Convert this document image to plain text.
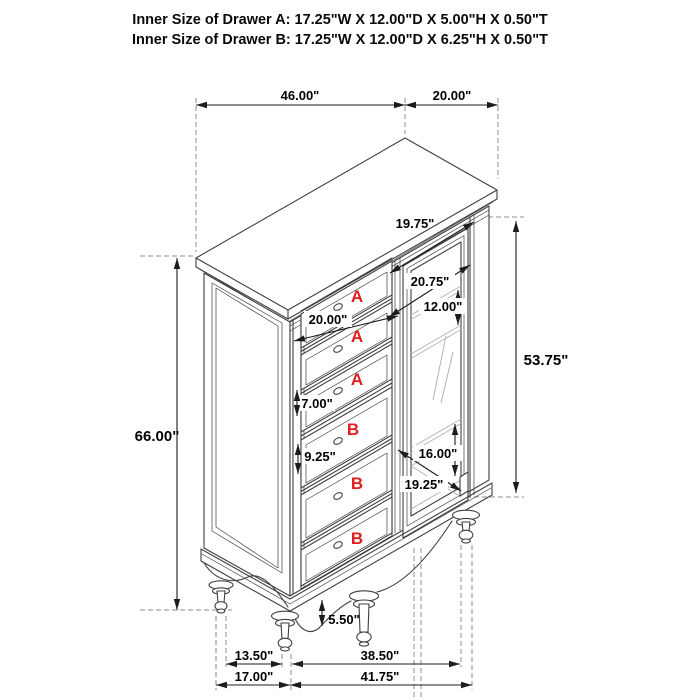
Inner Size of Drawer A: 17.25"W X 12.00"D X 5.00"H X 0.50"T
Inner Size of Drawer B: 17.25"W X 12.00"D X 6.25"H X 0.50"T
46.00"	20.00"
66.00"
53.75"
19.75"
20.75"
12.00"
16.00"
19.25"
20.00"
7.00"
9.25"
5.50"
13.50"	38.50"
17.00"	41.75"
A
A
A
B
B
B
